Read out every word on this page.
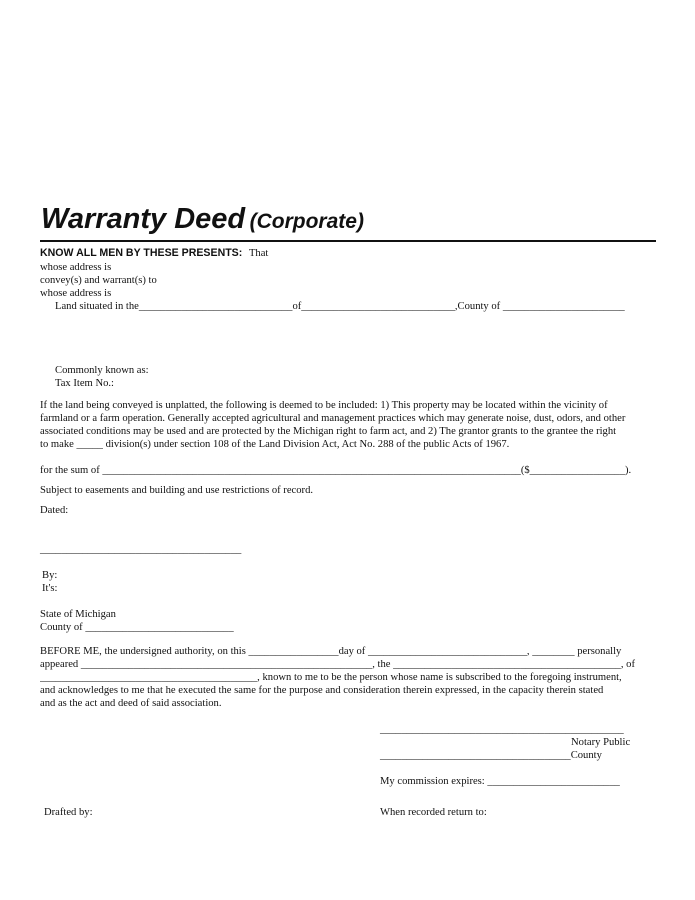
Warranty Deed (Corporate)
KNOW ALL MEN BY THESE PRESENTS: That
whose address is
convey(s) and warrant(s) to
whose address is
Land situated in the_____________________________of_____________________________,County of _______________________
Commonly known as:
Tax Item No.:

If the land being conveyed is unplatted, the following is deemed to be included: 1) This property may be located within the vicinity of

farmland or a farm operation. Generally accepted agricultural and management practices which may generate noise, dust, odors, and other

associated conditions may be used and are protected by the Michigan right to farm act, and 2) The grantor grants to the grantee the right

to make _____ division(s) under section 108 of the Land Division Act, Act No. 288 of the public Acts of 1967.

for the sum of _______________________________________________________________________________($__________________).
Subject to easements and building and use restrictions of record.
Dated:
______________________________________
By:
It's:
State of Michigan
County of ____________________________

BEFORE ME, the undersigned authority, on this _________________day of ______________________________, ________ personally

appeared _______________________________________________________, the ___________________________________________, of

_________________________________________, known to me to be the person whose name is subscribed to the foregoing instrument,

and acknowledges to me that he executed the same for the purpose and consideration therein expressed, in the capacity therein stated

and as the act and deed of said association.

______________________________________________
Notary Public
____________________________________County
My commission expires: _________________________
Drafted by:	When recorded return to:
